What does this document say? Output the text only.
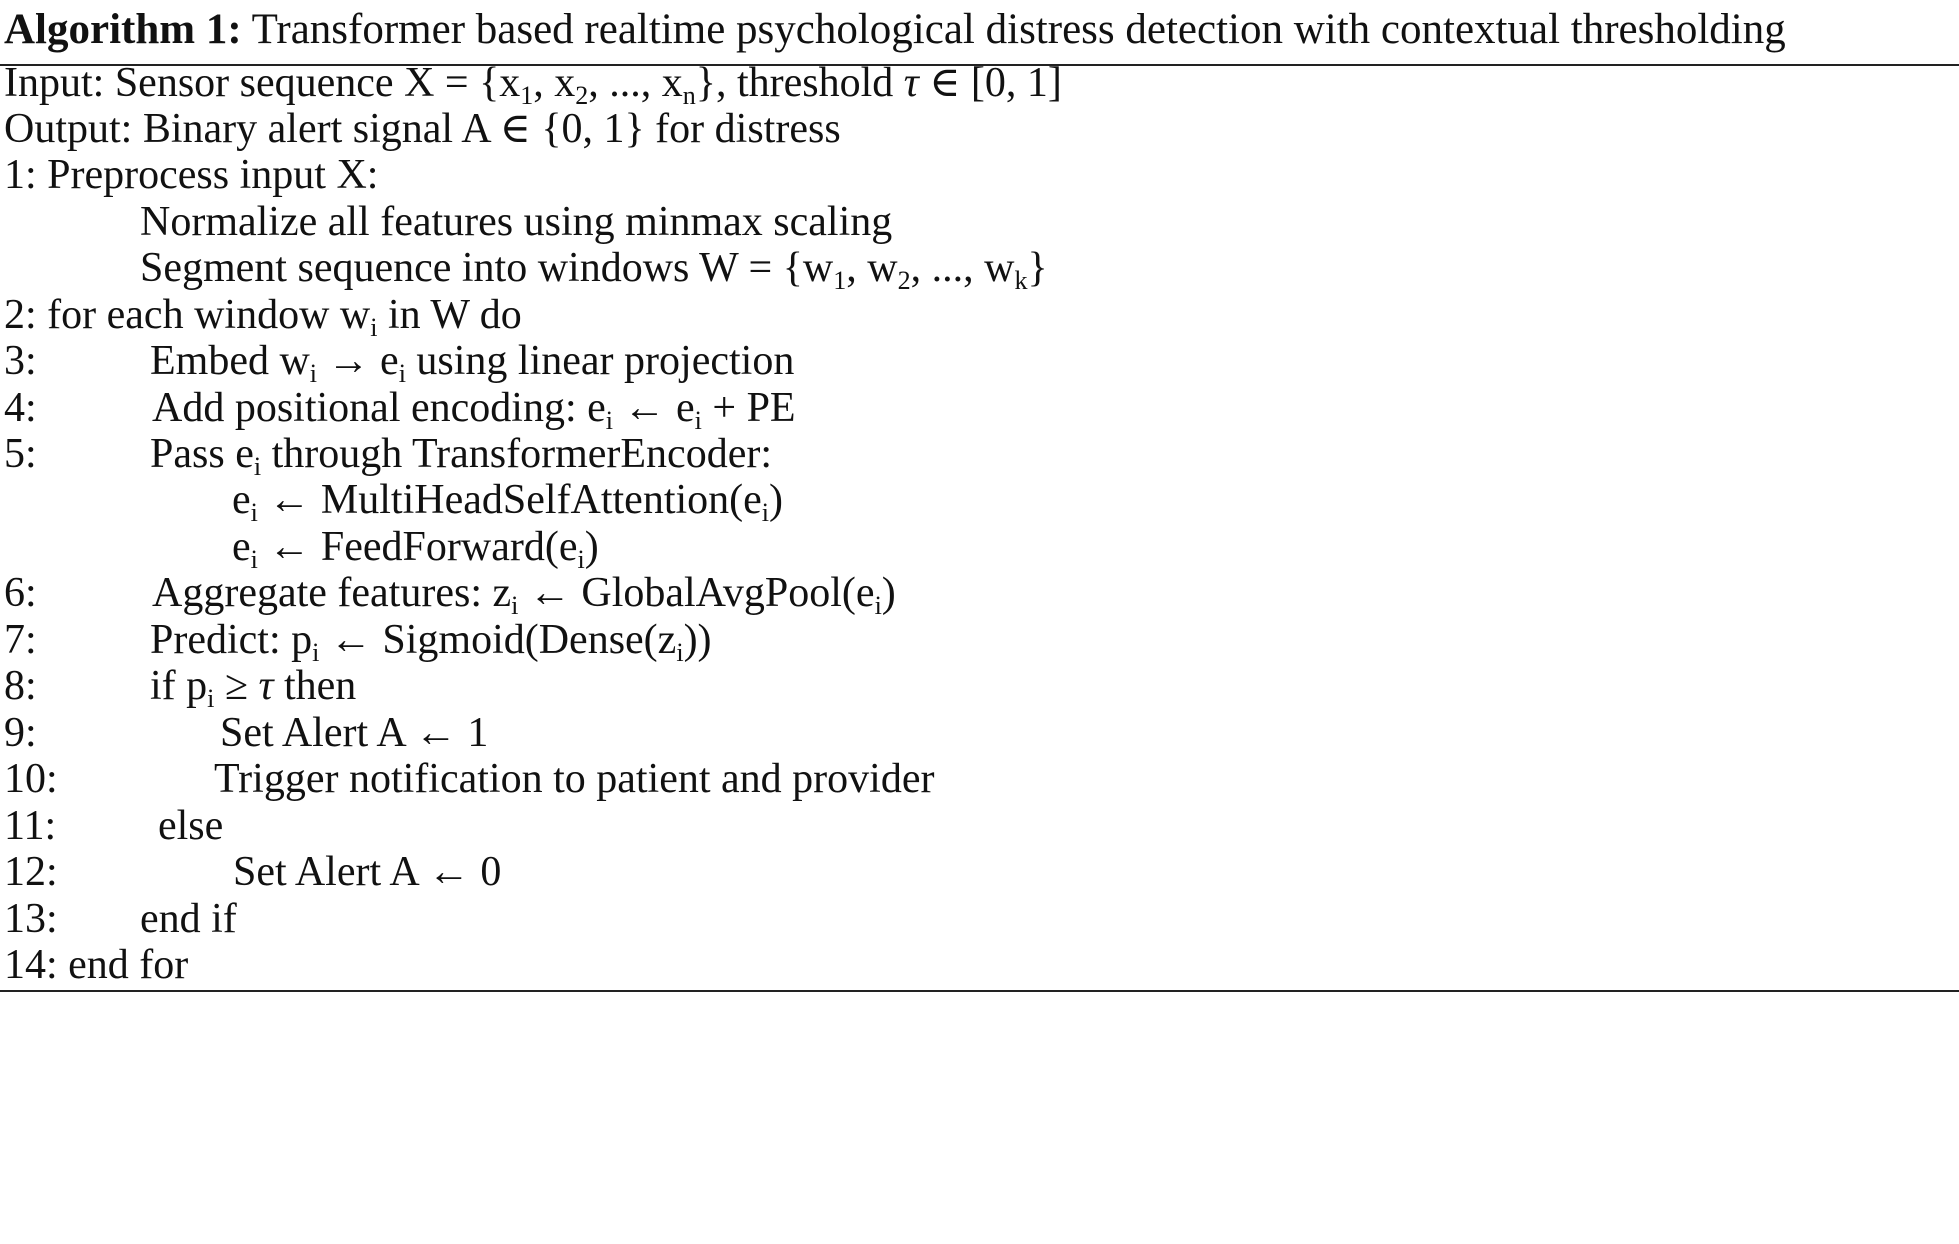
Algorithm 1: Transformer based realtime psychological distress detection with contextual thresholding
Input: Sensor sequence $X = \{x_1$, $x_2$, ..., $x_n$}, threshold τ ∈ [0, 1]
Output: Binary alert signal A ∈ {0, 1} for distress
1: Preprocess input X:
Normalize all features using minmax scaling
Segment sequence into windows $W = \{w_1$, $w_2$, ..., $w_k$}
2: for each window $w_i$ in W do
3:	Embed $w_i \to e_i$ using linear projection
4:	Add positional encoding: $e_i$ ← $e_i$ + PE
5:	Pass $e_i$ through TransformerEncoder:
$e_i$ ← $MultiHeadSelfAttention(e_i)$
$e_i$ ← $FeedForward(e_i)$
6:	Aggregate features: $z_i$ ← $GlobalAvgPool(e_i)$
7:	Predict: $p_i$ ← $Sigmoid(Dense(z_i))$
8:	if $p_i \ge \tau$ then
9:	Set Alert A ← 1
10:	Trigger notification to patient and provider
11: else
12:	Set Alert A ← 0
13: end if
14: end for
